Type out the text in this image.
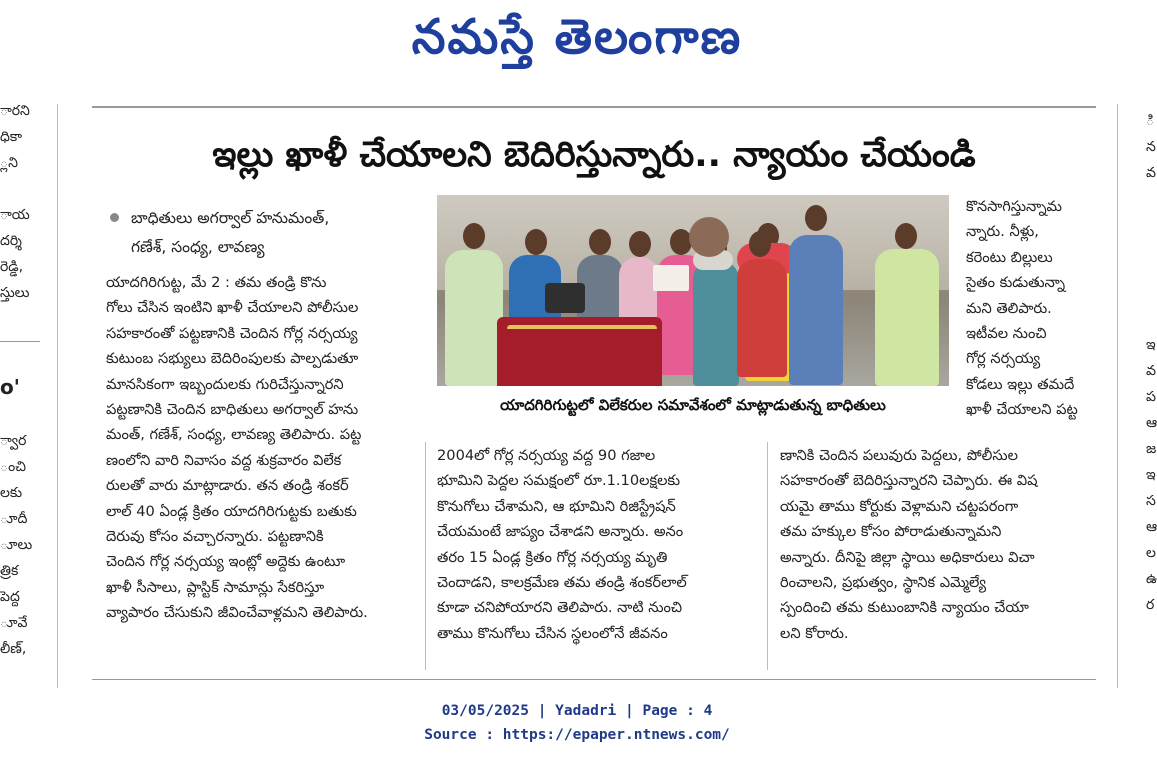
నమస్తే తెలంగాణ
ారని
ధికా
్లని
ాయ
దర్శి
రెడ్డి,
స్తులు
o'
్వార
ంచి
లకు
ూదీ
ూలు
త్రిక
పెద్ద
ూవే
లీణ్,
ి
న
వ
ఇ
వ
ప
ఆ
జ
ఇ
స
ఆ
ల
ఉ
ర
ఇల్లు ఖాళీ చేయాలని బెదిరిస్తున్నారు.. న్యాయం చేయండి
బాధితులు అగర్వాల్ హనుమంత్,
గణేశ్, సంధ్య, లావణ్య

యాదగిరిగుట్ట, మే 2 : తమ తండ్రి కొను

గోలు చేసిన ఇంటిని ఖాళీ చేయాలని పోలీసుల

సహకారంతో పట్టణానికి చెందిన గోర్ల నర్సయ్య

కుటుంబ సభ్యులు బెదిరింపులకు పాల్పడుతూ

మానసికంగా ఇబ్బందులకు గురిచేస్తున్నారని

పట్టణానికి చెందిన బాధితులు అగర్వాల్ హను

మంత్, గణేశ్, సంధ్య, లావణ్య తెలిపారు. పట్ట

ణంలోని వారి నివాసం వద్ద శుక్రవారం విలేక

రులతో వారు మాట్లాడారు. తన తండ్రి శంకర్

లాల్ 40 ఏండ్ల క్రితం యాదగిరిగుట్టకు బతుకు

దెరువు కోసం వచ్చారన్నారు. పట్టణానికి

చెందిన గోర్ల నర్సయ్య ఇంట్లో అద్దెకు ఉంటూ

ఖాళీ సీసాలు, ప్లాస్టిక్ సామాన్లు సేకరిస్తూ

వ్యాపారం చేసుకుని జీవించేవాళ్లమని తెలిపారు.

యాదగిరిగుట్టలో విలేకరుల సమావేశంలో మాట్లాడుతున్న బాధితులు

కొనసాగిస్తున్నామ

న్నారు. నీళ్లు,

కరెంటు బిల్లులు

సైతం కుడుతున్నా

మని తెలిపారు.

ఇటీవల నుంచి

గోర్ల నర్సయ్య

కోడలు ఇల్లు తమదే

ఖాళీ చేయాలని పట్ట

2004లో గోర్ల నర్సయ్య వద్ద 90 గజాల

భూమిని పెద్దల సమక్షంలో రూ.1.10లక్షలకు

కొనుగోలు చేశామని, ఆ భూమిని రిజిస్ట్రేషన్

చేయమంటే జాప్యం చేశాడని అన్నారు. అనం

తరం 15 ఏండ్ల క్రితం గోర్ల నర్సయ్య మృతి

చెందాడని, కాలక్రమేణ తమ తండ్రి శంకర్‌లాల్

కూడా చనిపోయారని తెలిపారు. నాటి నుంచి

తాము కొనుగోలు చేసిన స్థలంలోనే జీవనం

ణానికి చెందిన పలువురు పెద్దలు, పోలీసుల

సహకారంతో బెదిరిస్తున్నారని చెప్పారు. ఈ విష

యమై తాము కోర్టుకు వెళ్లామని చట్టపరంగా

తమ హక్కుల కోసం పోరాడుతున్నామని

అన్నారు. దీనిపై జిల్లా స్థాయి అధికారులు విచా

రించాలని, ప్రభుత్వం, స్థానిక ఎమ్మెల్యే

స్పందించి తమ కుటుంబానికి న్యాయం చేయా

లని కోరారు.

03/05/2025 | Yadadri | Page : 4
Source : https://epaper.ntnews.com/
